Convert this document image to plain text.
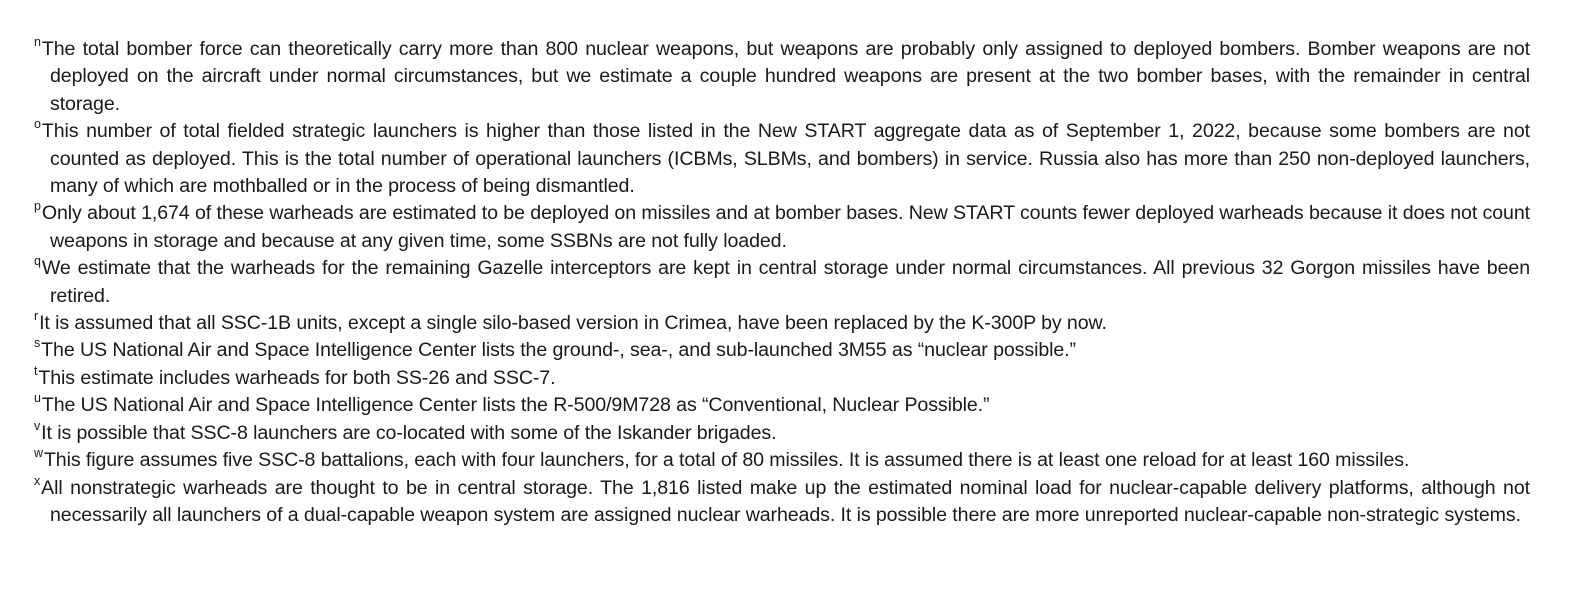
$^n$The total bomber force can theoretically carry more than 800 nuclear weapons, but weapons are probably only assigned to deployed bombers. Bomber weapons are not deployed on the aircraft under normal circumstances, but we estimate a couple hundred weapons are present at the two bomber bases, with the remainder in central storage.

$^o$This number of total fielded strategic launchers is higher than those listed in the New START aggregate data as of September 1, 2022, because some bombers are not counted as deployed. This is the total number of operational launchers (ICBMs, SLBMs, and bombers) in service. Russia also has more than 250 non-deployed launchers, many of which are mothballed or in the process of being dismantled.

$^p$Only about 1,674 of these warheads are estimated to be deployed on missiles and at bomber bases. New START counts fewer deployed warheads because it does not count weapons in storage and because at any given time, some SSBNs are not fully loaded.

$^q$We estimate that the warheads for the remaining Gazelle interceptors are kept in central storage under normal circumstances. All previous 32 Gorgon missiles have been retired.

$^r$It is assumed that all SSC-1B units, except a single silo-based version in Crimea, have been replaced by the K-300P by now.

$^s$The US National Air and Space Intelligence Center lists the ground-, sea-, and sub-launched 3M55 as “nuclear possible.”

$^t$This estimate includes warheads for both SS-26 and SSC-7.

$^u$The US National Air and Space Intelligence Center lists the R-500/9M728 as “Conventional, Nuclear Possible.”

$^v$It is possible that SSC-8 launchers are co-located with some of the Iskander brigades.

$^w$This figure assumes five SSC-8 battalions, each with four launchers, for a total of 80 missiles. It is assumed there is at least one reload for at least 160 missiles.

$^x$All nonstrategic warheads are thought to be in central storage. The 1,816 listed make up the estimated nominal load for nuclear-capable delivery platforms, although not necessarily all launchers of a dual-capable weapon system are assigned nuclear warheads. It is possible there are more unreported nuclear-capable non-strategic systems.
